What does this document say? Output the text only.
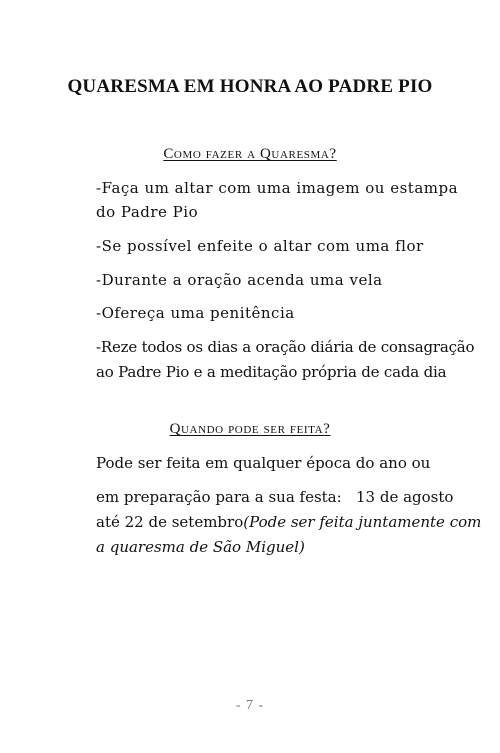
QUARESMA EM HONRA AO PADRE PIO
Como fazer a Quaresma?
-Faça um altar com uma imagem ou estampa
do Padre Pio
-Se possível enfeite o altar com uma flor
-Durante a oração acenda uma vela
-Ofereça uma penitência
-Reze todos os dias a oração diária de consagração
ao Padre Pio e a meditação própria de cada dia
Quando pode ser feita?
Pode ser feita em qualquer época do ano ou
em preparação para a sua festa:   13 de agosto
até 22 de setembro(Pode ser feita juntamente com
a quaresma de São Miguel)
- 7 -
